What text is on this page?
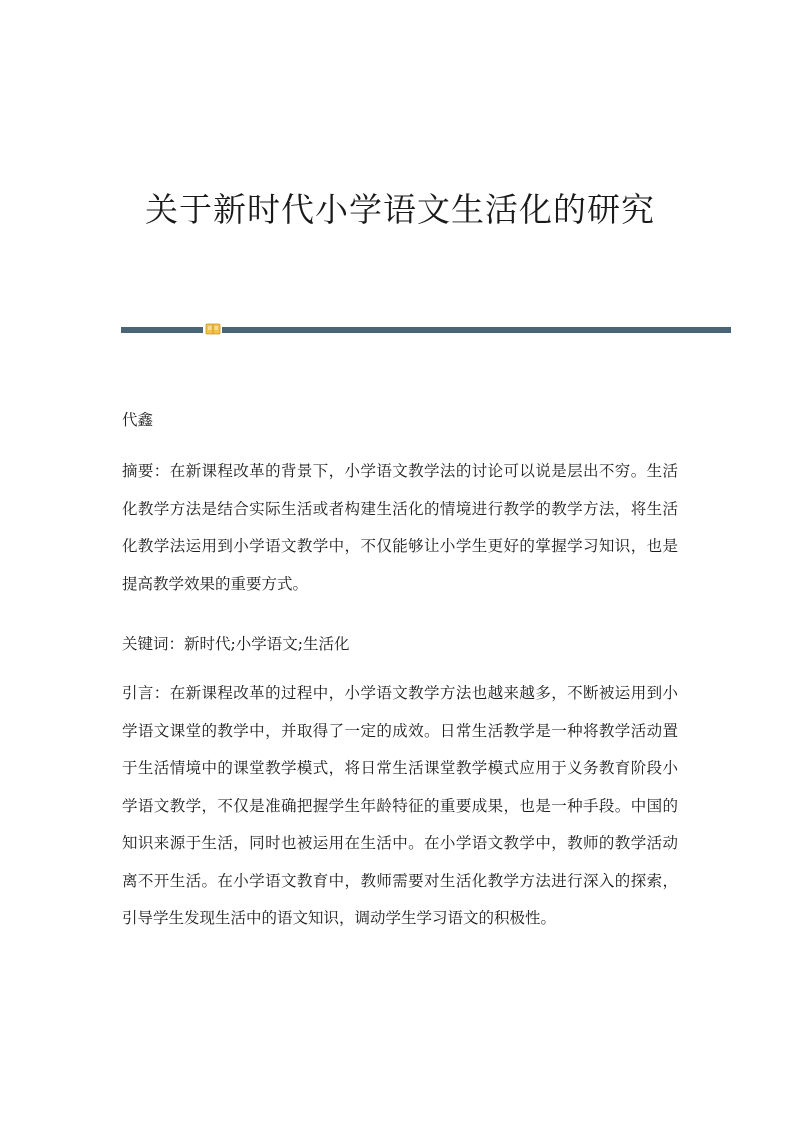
关于新时代小学语文生活化的研究

代鑫

摘要：在新课程改革的背景下，小学语文教学法的讨论可以说是层出不穷。生活化教学方法是结合实际生活或者构建生活化的情境进行教学的教学方法，将生活化教学法运用到小学语文教学中，不仅能够让小学生更好的掌握学习知识，也是提高教学效果的重要方式。

关键词：新时代;小学语文;生活化

引言：在新课程改革的过程中，小学语文教学方法也越来越多，不断被运用到小学语文课堂的教学中，并取得了一定的成效。日常生活教学是一种将教学活动置于生活情境中的课堂教学模式，将日常生活课堂教学模式应用于义务教育阶段小学语文教学，不仅是准确把握学生年龄特征的重要成果，也是一种手段。中国的知识来源于生活，同时也被运用在生活中。在小学语文教学中，教师的教学活动离不开生活。在小学语文教育中，教师需要对生活化教学方法进行深入的探索，引导学生发现生活中的语文知识，调动学生学习语文的积极性。
